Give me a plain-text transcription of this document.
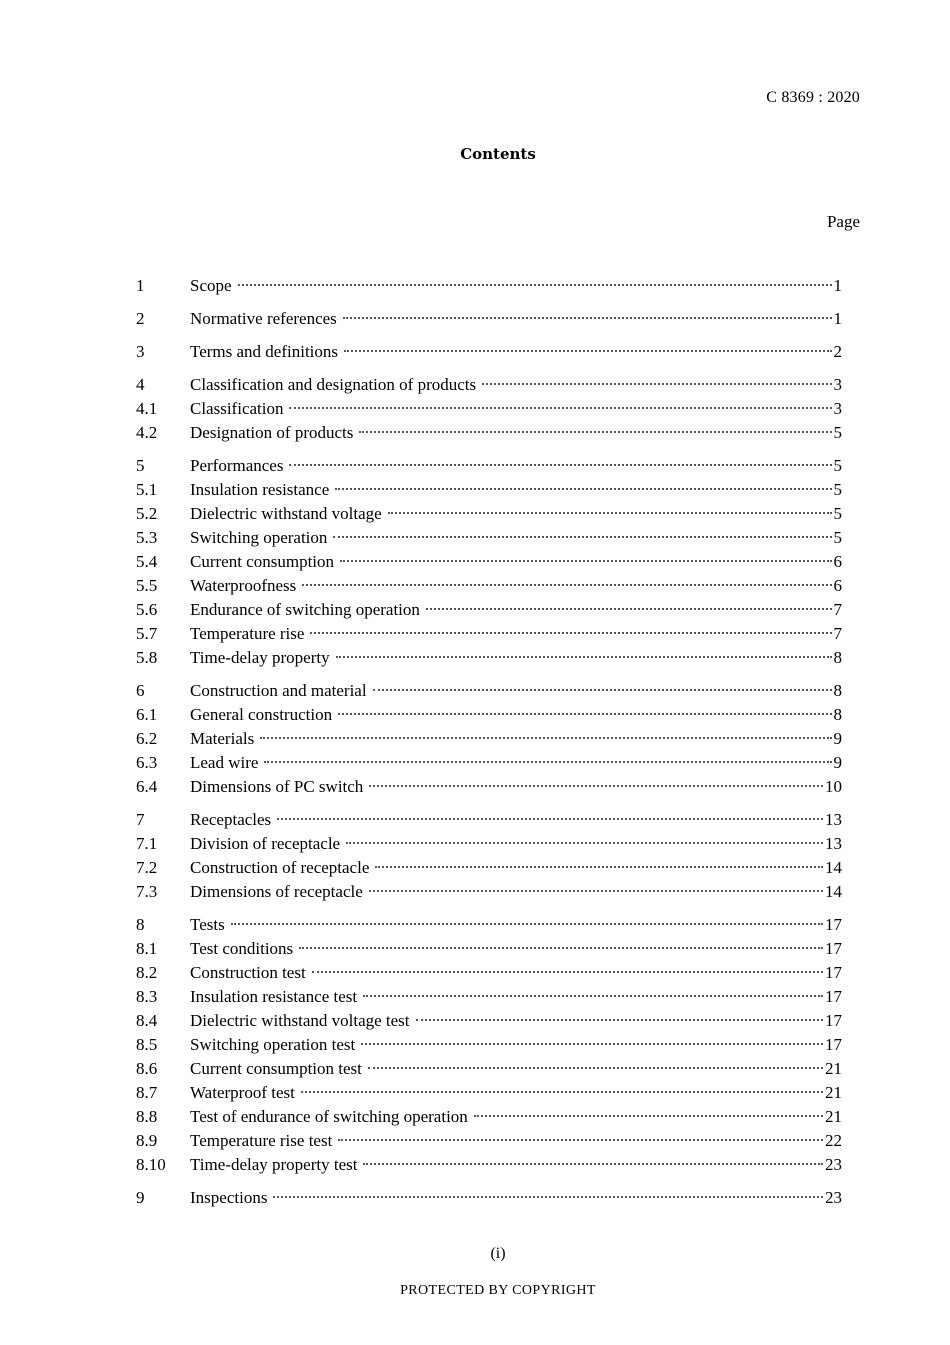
C 8369 : 2020
Contents
Page
1	Scope	1
2	Normative references	1
3	Terms and definitions	2
4	Classification and designation of products	3
4.1	Classification	3
4.2	Designation of products	5
5	Performances	5
5.1	Insulation resistance	5
5.2	Dielectric withstand voltage	5
5.3	Switching operation	5
5.4	Current consumption	6
5.5	Waterproofness	6
5.6	Endurance of switching operation	7
5.7	Temperature rise	7
5.8	Time-delay property	8
6	Construction and material	8
6.1	General construction	8
6.2	Materials	9
6.3	Lead wire	9
6.4	Dimensions of PC switch	10
7	Receptacles	13
7.1	Division of receptacle	13
7.2	Construction of receptacle	14
7.3	Dimensions of receptacle	14
8	Tests	17
8.1	Test conditions	17
8.2	Construction test	17
8.3	Insulation resistance test	17
8.4	Dielectric withstand voltage test	17
8.5	Switching operation test	17
8.6	Current consumption test	21
8.7	Waterproof test	21
8.8	Test of endurance of switching operation	21
8.9	Temperature rise test	22
8.10	Time-delay property test	23
9	Inspections	23
(i)
PROTECTED BY COPYRIGHT
